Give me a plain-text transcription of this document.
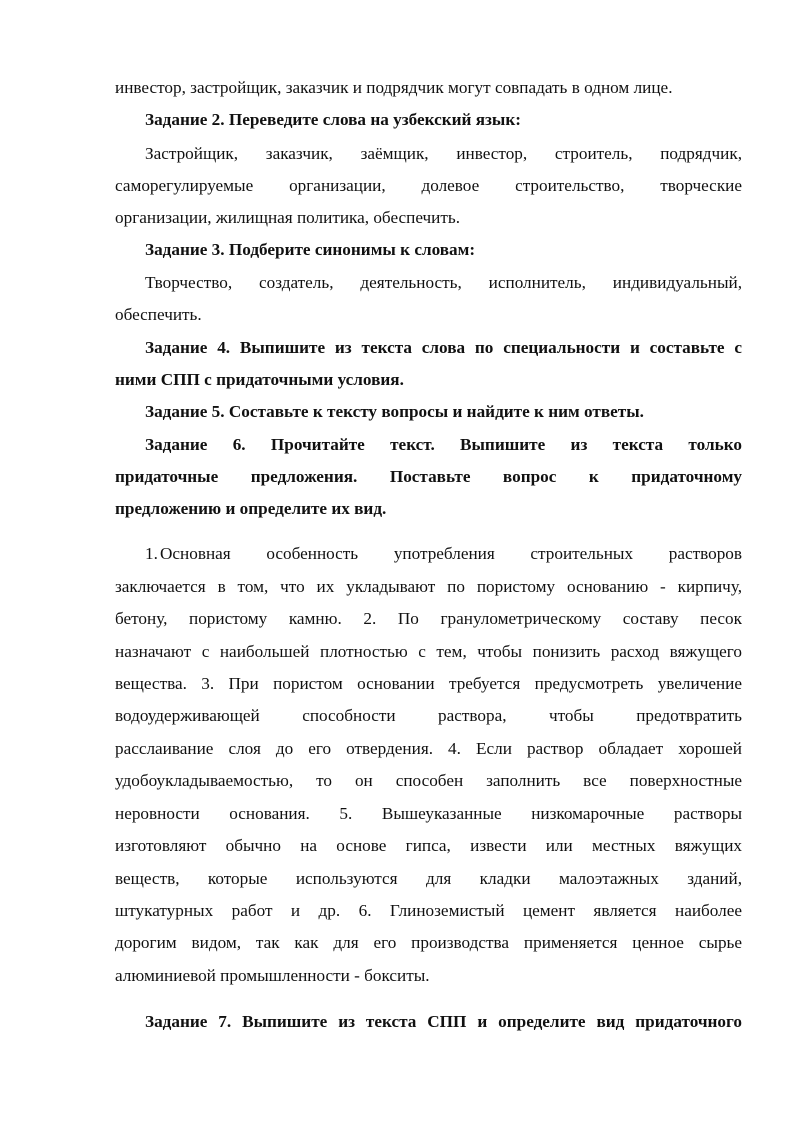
инвестор, застройщик, заказчик и подрядчик могут совпадать в одном лице.
Задание 2. Переведите слова на узбекский язык:
Застройщик, заказчик, заёмщик, инвестор, строитель, подрядчик,
саморегулируемые организации, долевое строительство, творческие
организации, жилищная политика, обеспечить.
Задание 3. Подберите синонимы к словам:
Творчество, создатель, деятельность, исполнитель, индивидуальный,
обеспечить.
Задание 4. Выпишите из текста слова по специальности и составьте с
ними СПП с придаточными условия.
Задание 5. Составьте к тексту вопросы и найдите к ним ответы.
Задание 6. Прочитайте текст. Выпишите из текста только
придаточные предложения. Поставьте вопрос к придаточному
предложению и определите их вид.
1. Основная особенность употребления строительных растворов
заключается в том, что их укладывают по пористому основанию - кирпичу,
бетону, пористому камню. 2. По гранулометрическому составу песок
назначают с наибольшей плотностью с тем, чтобы понизить расход вяжущего
вещества. 3. При пористом основании требуется предусмотреть увеличение
водоудерживающей способности раствора, чтобы предотвратить
расслаивание слоя до его отвердения. 4. Если раствор обладает хорошей
удобоукладываемостью, то он способен заполнить все поверхностные
неровности основания. 5. Вышеуказанные низкомарочные растворы
изготовляют обычно на основе гипса, извести или местных вяжущих
веществ, которые используются для кладки малоэтажных зданий,
штукатурных работ и др. 6. Глиноземистый цемент является наиболее
дорогим видом, так как для его производства применяется ценное сырье
алюминиевой промышленности - бокситы.
Задание 7. Выпишите из текста СПП и определите вид придаточного
